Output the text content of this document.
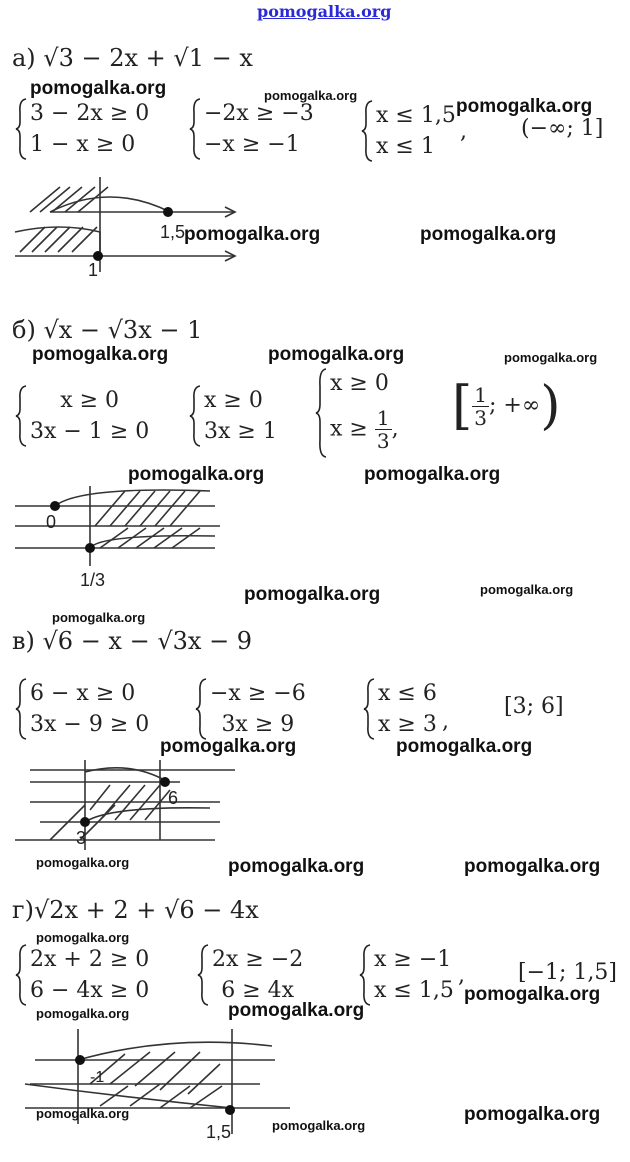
pomogalka.org
а) √3 − 2x + √1 − x
3 − 2x ≥ 0
1 − x ≥ 0
−2x ≥ −3
−x ≥ −1
x ≤ 1,5
x ≤ 1
, (−∞; 1]
1,5
1
б) √x − √3x − 1
x ≥ 0
3x − 1 ≥ 0
x ≥ 0
3x ≥ 1
x ≥ 0
$x \ge \frac{1}{3}$ , [ $\frac{1}{3}$ ; +∞)
0
1/3
в) √6 − x − √3x − 9
6 − x ≥ 0
3x − 9 ≥ 0
−x ≥ −6
3x ≥ 9
x ≤ 6
x ≥ 3 ,
[3; 6]
6
3
г)√2x + 2 + √6 − 4x
2x + 2 ≥ 0
6 − 4x ≥ 0
2x ≥ −2
6 ≥ 4x
x ≥ −1
x ≤ 1,5
, [−1; 1,5]
-1
1,5
pomogalka.org	pomogalka.org
pomogalka.org
pomogalka.org	pomogalka.org
pomogalka.org	pomogalka.org	pomogalka.org
pomogalka.org	pomogalka.org
pomogalka.org	pomogalka.org
pomogalka.org
pomogalka.org	pomogalka.org
pomogalka.org	pomogalka.org	pomogalka.org
pomogalka.org
pomogalka.org
pomogalka.org	pomogalka.org
pomogalka.org	pomogalka.org
pomogalka.org
